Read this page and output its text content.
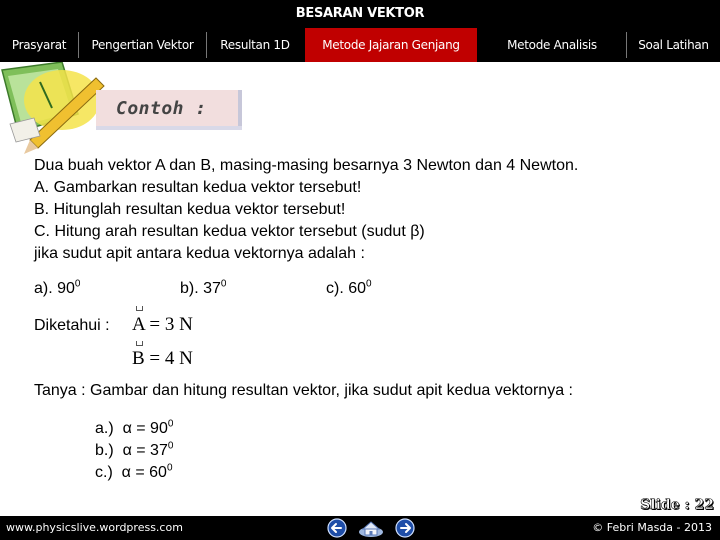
BESARAN VEKTOR
Prasyarat	Pengertian Vektor	Resultan 1D	Metode Jajaran Genjang	Metode Analisis	Soal Latihan
Contoh :
Dua buah vektor A dan B, masing-masing besarnya 3 Newton dan 4 Newton.
A. Gambarkan resultan kedua vektor tersebut!
B. Hitunglah resultan kedua vektor tersebut!
C. Hitung arah resultan kedua vektor tersebut (sudut β)
jika sudut apit antara kedua vektornya adalah :
a). $90^0$	b). $37^0$	c). $60^0$
Diketahui : A = 3 N
B = 4 N
Tanya : Gambar dan hitung resultan vektor, jika sudut apit kedua vektornya :
a.) $\alpha = 90^0$
b.) $\alpha = 37^0$
c.) $\alpha = 60^0$
Slide : 22
www.physicslive.wordpress.com	© Febri Masda - 2013
